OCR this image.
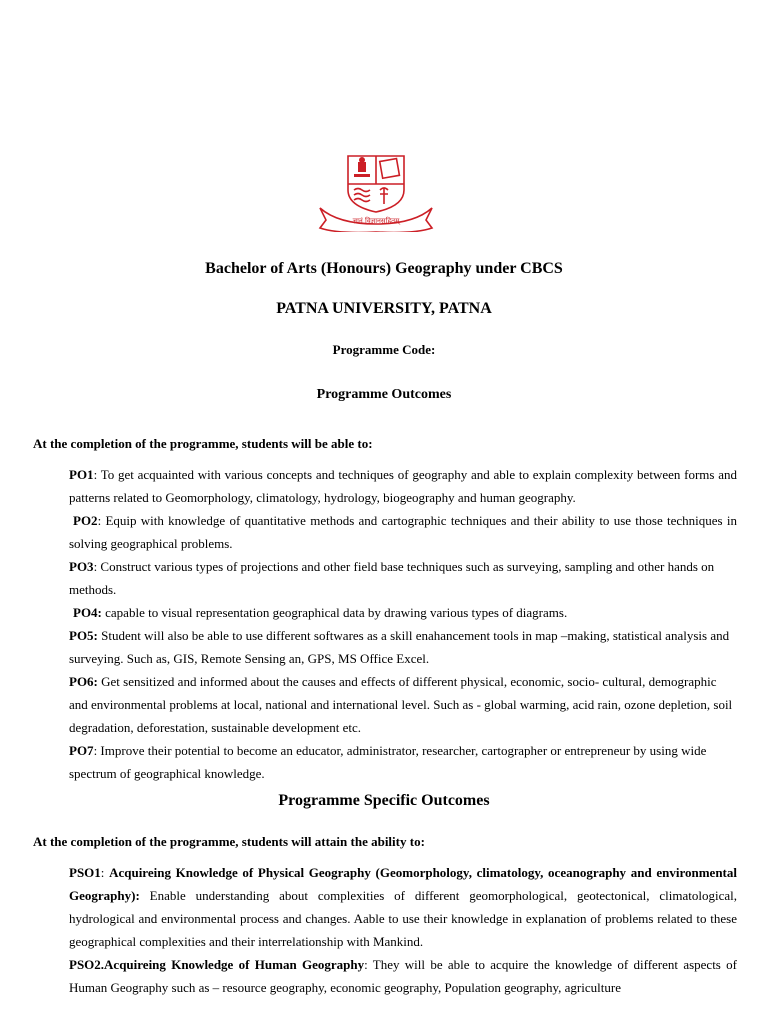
ज्ञानं विज्ञानसहितम्
Bachelor of Arts (Honours) Geography under CBCS
PATNA UNIVERSITY, PATNA
Programme Code:
Programme Outcomes
At the completion of the programme, students will be able to:

PO1: To get acquainted with various concepts and techniques of geography and able to explain complexity between forms and patterns related to Geomorphology, climatology, hydrology, biogeography and human geography.

PO2: Equip with knowledge of quantitative methods and cartographic techniques and their ability to use those techniques in solving geographical problems.

PO3: Construct various types of projections and other field base techniques such as surveying, sampling and other hands on methods.

PO4: capable to visual representation geographical data by drawing various types of diagrams.

PO5: Student will also be able to use different softwares as a skill enahancement tools in map –making, statistical analysis and surveying. Such as, GIS, Remote Sensing an, GPS, MS Office Excel.

PO6: Get sensitized and informed about the causes and effects of different physical, economic, socio- cultural, demographic and environmental problems at local, national and international level. Such as - global warming, acid rain, ozone depletion, soil degradation, deforestation, sustainable development etc.

PO7: Improve their potential to become an educator, administrator, researcher, cartographer or entrepreneur by using wide spectrum of geographical knowledge.

Programme Specific Outcomes
At the completion of the programme, students will attain the ability to:

PSO1: Acquireing Knowledge of Physical Geography (Geomorphology, climatology, oceanography and environmental Geography): Enable understanding about complexities of different geomorphological, geotectonical, climatological, hydrological and environmental process and changes. Aable to use their knowledge in explanation of problems related to these geographical complexities and their interrelationship with Mankind.

PSO2.Acquireing Knowledge of Human Geography: They will be able to acquire the knowledge of different aspects of Human Geography such as – resource geography, economic geography, Population geography, agriculture
